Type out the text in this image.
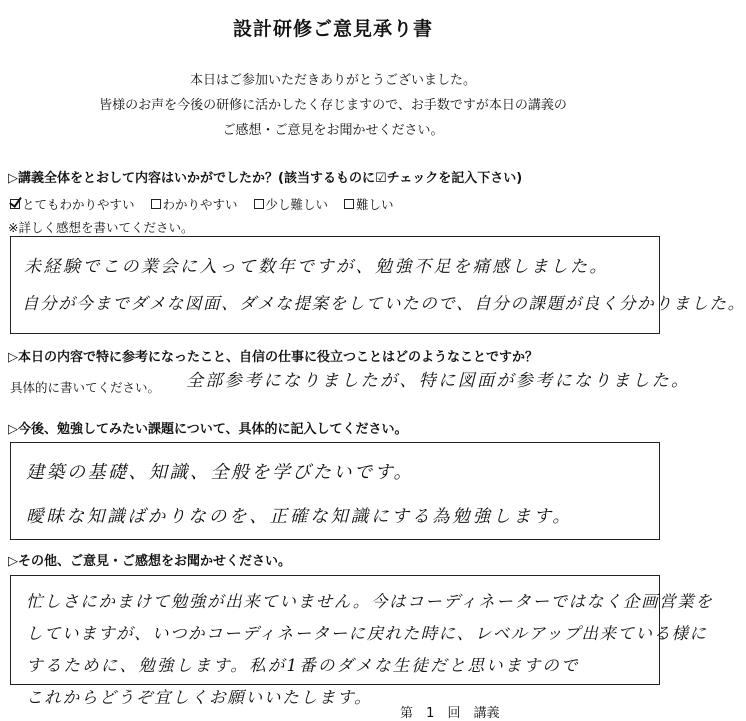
設計研修ご意見承り書
本日はご参加いただきありがとうございました。
皆様のお声を今後の研修に活かしたく存じますので、お手数ですが本日の講義の
ご感想・ご意見をお聞かせください。
▷講義全体をとおして内容はいかがでしたか？(該当するものに☑チェックを記入下さい)
とてもわかりやすい わかりやすい 少し難しい 難しい
※詳しく感想を書いてください。
未経験でこの業会に入って数年ですが、勉強不足を痛感しました。
自分が今までダメな図面、ダメな提案をしていたので、自分の課題が良く分かりました。
▷本日の内容で特に参考になったこと、自信の仕事に役立つことはどのようなことですか？
具体的に書いてください。 全部参考になりましたが、特に図面が参考になりました。
▷今後、勉強してみたい課題について、具体的に記入してください。
建築の基礎、知識、全般を学びたいです。
曖昧な知識ばかりなのを、正確な知識にする為勉強します。
▷その他、ご意見・ご感想をお聞かせください。
忙しさにかまけて勉強が出来ていません。今はコーディネーターではなく企画営業を
していますが、いつかコーディネーターに戻れた時に、レベルアップ出来ている様に
するために、勉強します。私が1番のダメな生徒だと思いますので
これからどうぞ宜しくお願いいたします。
第 1 回 講義
